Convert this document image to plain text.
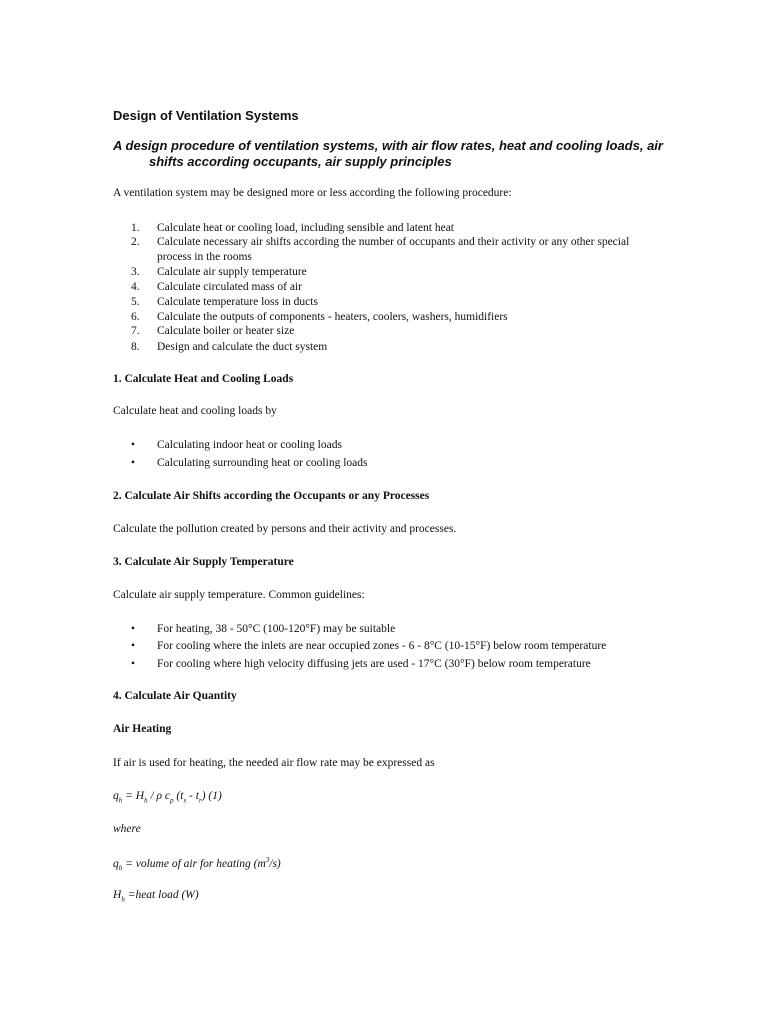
Design of Ventilation Systems
A design procedure of ventilation systems, with air flow rates, heat and cooling loads, air
shifts according occupants, air supply principles
A ventilation system may be designed more or less according the following procedure:
1. Calculate heat or cooling load, including sensible and latent heat
2. Calculate necessary air shifts according the number of occupants and their activity or any other special process in the rooms
3. Calculate air supply temperature
4. Calculate circulated mass of air
5. Calculate temperature loss in ducts
6. Calculate the outputs of components - heaters, coolers, washers, humidifiers
7. Calculate boiler or heater size
8. Design and calculate the duct system
1. Calculate Heat and Cooling Loads
Calculate heat and cooling loads by
• Calculating indoor heat or cooling loads
• Calculating surrounding heat or cooling loads
2. Calculate Air Shifts according the Occupants or any Processes
Calculate the pollution created by persons and their activity and processes.
3. Calculate Air Supply Temperature
Calculate air supply temperature. Common guidelines:
• For heating, 38 - 50°C (100-120°F) may be suitable
• For cooling where the inlets are near occupied zones - 6 - 8°C (10-15°F) below room temperature
• For cooling where high velocity diffusing jets are used - 17°C (30°F) below room temperature
4. Calculate Air Quantity
Air Heating
If air is used for heating, the needed air flow rate may be expressed as
$q_h = H_h / \rho$ $c_p$ $(t_s - t_r)$ (1)
where
$q_h$ = volume of air for heating $(m^3/s)$
$H_h$ =heat load (W)
